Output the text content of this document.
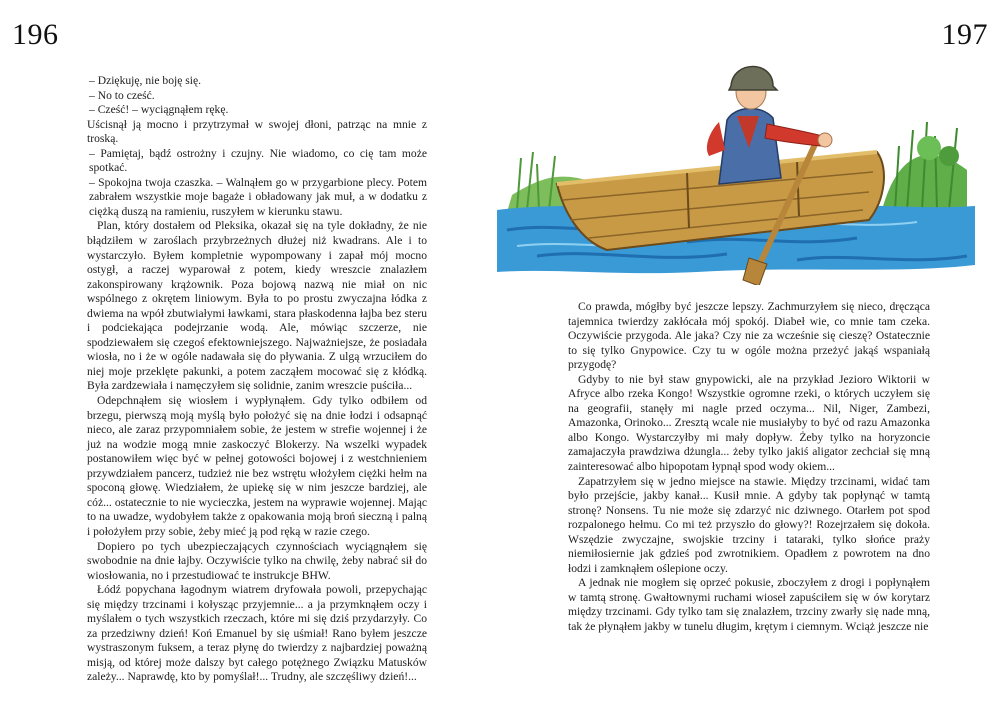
196	197

– Dziękuję, nie boję się.

– No to cześć.

– Cześć! – wyciągnąłem rękę.

Uścisnął ją mocno i przytrzymał w swojej dłoni, patrząc na mnie z troską.

– Pamiętaj, bądź ostrożny i czujny. Nie wiadomo, co cię tam może spotkać.

– Spokojna twoja czaszka. – Walnąłem go w przygarbione plecy. Potem zabrałem wszystkie moje bagaże i obładowany jak muł, a w dodatku z ciężką duszą na ramieniu, ruszyłem w kierunku stawu.

Plan, który dostałem od Pleksika, okazał się na tyle dokładny, że nie błądziłem w zaroślach przybrzeżnych dłużej niż kwadrans. Ale i to wystarczyło. Byłem kompletnie wypompowany i zapał mój mocno ostygł, a raczej wyparował z potem, kiedy wreszcie znalazłem zakonspirowany krążownik. Poza bojową nazwą nie miał on nic wspólnego z okrętem liniowym. Była to po prostu zwyczajna łódka z dwiema na wpół zbutwiałymi ławkami, stara płaskodenna łajba bez steru i podciekająca podejrzanie wodą. Ale, mówiąc szczerze, nie spodziewałem się czegoś efektowniejszego. Najważniejsze, że posiadała wiosła, no i że w ogóle nadawała się do pływania. Z ulgą wrzuciłem do niej moje przeklęte pakunki, a potem zacząłem mocować się z kłódką. Była zardzewiała i namęczyłem się solidnie, zanim wreszcie puściła...

Odepchnąłem się wiosłem i wypłynąłem. Gdy tylko odbiłem od brzegu, pierwszą moją myślą było położyć się na dnie łodzi i odsapnąć nieco, ale zaraz przypomniałem sobie, że jestem w strefie wojennej i że już na wodzie mogą mnie zaskoczyć Blokerzy. Na wszelki wypadek postanowiłem więc być w pełnej gotowości bojowej i z westchnieniem przywdziałem pancerz, tudzież nie bez wstrętu włożyłem ciężki hełm na spoconą głowę. Wiedziałem, że upiekę się w nim jeszcze bardziej, ale cóż... ostatecznie to nie wycieczka, jestem na wyprawie wojennej. Mając to na uwadze, wydobyłem także z opakowania moją broń sieczną i palną i położyłem przy sobie, żeby mieć ją pod ręką w razie czego.

Dopiero po tych ubezpieczających czynnościach wyciągnąłem się swobodnie na dnie łajby. Oczywiście tylko na chwilę, żeby nabrać sił do wiosłowania, no i przestudiować te instrukcje BHW.

Łódź popychana łagodnym wiatrem dryfowała powoli, przepychając się między trzcinami i kołysząc przyjemnie... a ja przymknąłem oczy i myślałem o tych wszystkich rzeczach, które mi się dziś przydarzyły. Co za przedziwny dzień! Koń Emanuel by się uśmiał! Rano byłem jeszcze wystraszonym fuksem, a teraz płynę do twierdzy z najbardziej poważną misją, od której może dalszy byt całego potężnego Związku Matusków zależy... Naprawdę, kto by pomyślał!... Trudny, ale szczęśliwy dzień!...

Co prawda, mógłby być jeszcze lepszy. Zachmurzyłem się nieco, dręcząca tajemnica twierdzy zakłócała mój spokój. Diabeł wie, co mnie tam czeka. Oczywiście przygoda. Ale jaka? Czy nie za wcześnie się cieszę? Ostatecznie to się tylko Gnypowice. Czy tu w ogóle można przeżyć jakąś wspaniałą przygodę?

Gdyby to nie był staw gnypowicki, ale na przykład Jezioro Wiktorii w Afryce albo rzeka Kongo! Wszystkie ogromne rzeki, o których uczyłem się na geografii, stanęły mi nagle przed oczyma... Nil, Niger, Zambezi, Amazonka, Orinoko... Zresztą wcale nie musiałyby to być od razu Amazonka albo Kongo. Wystarczyłby mi mały dopływ. Żeby tylko na horyzoncie zamajaczyła prawdziwa dżungla... żeby tylko jakiś aligator zechciał się mną zainteresować albo hipopotam łypnął spod wody okiem...

Zapatrzyłem się w jedno miejsce na stawie. Między trzcinami, widać tam było przejście, jakby kanał... Kusił mnie. A gdyby tak popłynąć w tamtą stronę? Nonsens. Tu nie może się zdarzyć nic dziwnego. Otarłem pot spod rozpalonego hełmu. Co mi też przyszło do głowy?! Rozejrzałem się dokoła. Wszędzie zwyczajne, swojskie trzciny i tataraki, tylko słońce praży niemiłosiernie jak gdzieś pod zwrotnikiem. Opadłem z powrotem na dno łodzi i zamknąłem oślepione oczy.

A jednak nie mogłem się oprzeć pokusie, zboczyłem z drogi i popłynąłem w tamtą stronę. Gwałtownymi ruchami wioseł zapuściłem się w ów korytarz między trzcinami. Gdy tylko tam się znalazłem, trzciny zwarły się nade mną, tak że płynąłem jakby w tunelu długim, krętym i ciemnym. Wciąż jeszcze nie
